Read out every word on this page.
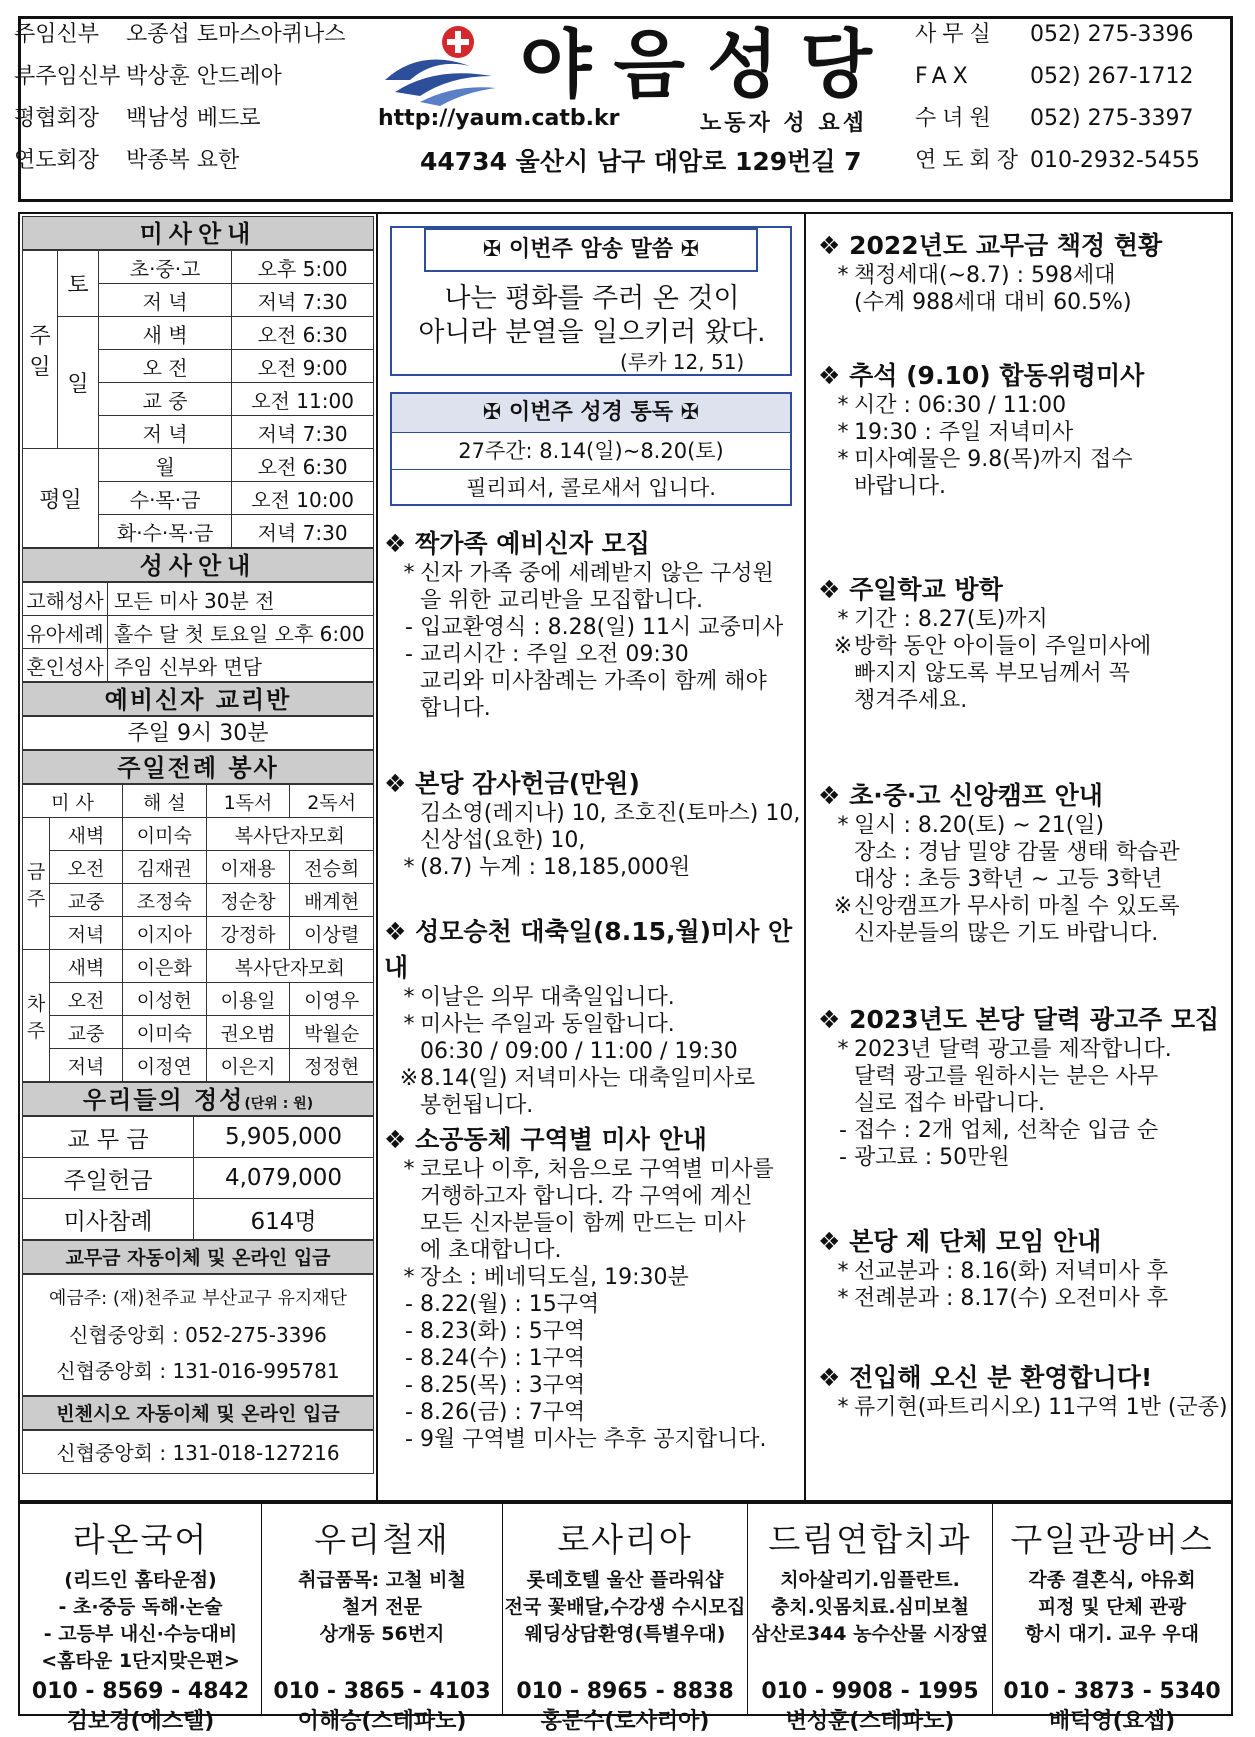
주임신부 오종섭 토마스아퀴나스
부주임신부 박상훈 안드레아
평협회장 백남성 베드로
연도회장 박종복 요한
야음성당
http://yaum.catb.kr	노동자 성 요셉
44734 울산시 남구 대암로 129번길 7
사무실 052) 275-3396
FAX	052) 267-1712
수녀원 052) 275-3397
연도회장 010-2932-5455
미사안내
주일	토	초·중·고	오후 5:00
		저 녁	저녁 7:30
	일	새 벽	오전 6:30
		오 전	오전 9:00
		교 중	오전 11:00
		저 녁	저녁 7:30
평일		월	오전 6:30
		수·목·금	오전 10:00
		화·수·목·금	저녁 7:30
성사안내
고해성사	모든 미사 30분 전
유아세례	홀수 달 첫 토요일 오후 6:00
혼인성사	주임 신부와 면담
예비신자 교리반
주일 9시 30분
주일전례 봉사
미 사		해 설	1독서	2독서
금주	새벽	이미숙	복사단자모회	
	오전	김재권	이재용	전승희
	교중	조정숙	정순창	배계현
	저녁	이지아	강정하	이상렬
차주	새벽	이은화	복사단자모회	
	오전	이성헌	이용일	이영우
	교중	이미숙	권오범	박월순
	저녁	이정연	이은지	정정현
우리들의 정성(단위 : 원)
교 무 금	5,905,000
주일헌금	4,079,000
미사참례	614명
교무금 자동이체 및 온라인 입금
예금주: (재)천주교 부산교구 유지재단
신협중앙회 : 052-275-3396
신협중앙회 : 131-016-995781
빈첸시오 자동이체 및 온라인 입금
신협중앙회 : 131-018-127216
✠ 이번주 암송 말씀 ✠
나는 평화를 주러 온 것이
아니라 분열을 일으키러 왔다.
(루카 12, 51)
✠ 이번주 성경 통독 ✠
27주간: 8.14(일)~8.20(토)
필리피서, 콜로새서 입니다.
❖ 짝가족 예비신자 모집

* 신자 가족 중에 세례받지 않은 구성원

을 위한 교리반을 모집합니다.

- 입교환영식 : 8.28(일) 11시 교중미사

- 교리시간 : 주일 오전 09:30

교리와 미사참례는 가족이 함께 해야

합니다.

❖ 본당 감사헌금(만원)

김소영(레지나) 10, 조호진(토마스) 10,

신상섭(요한) 10,

* (8.7) 누계 : 18,185,000원

❖ 성모승천 대축일(8.15,월)미사 안내

* 이날은 의무 대축일입니다.

* 미사는 주일과 동일합니다.

06:30 / 09:00 / 11:00 / 19:30

※8.14(일) 저녁미사는 대축일미사로

봉헌됩니다.

❖ 소공동체 구역별 미사 안내

* 코로나 이후, 처음으로 구역별 미사를

거행하고자 합니다. 각 구역에 계신

모든 신자분들이 함께 만드는 미사

에 초대합니다.

* 장소 : 베네딕도실, 19:30분

- 8.22(월) : 15구역

- 8.23(화) : 5구역

- 8.24(수) : 1구역

- 8.25(목) : 3구역

- 8.26(금) : 7구역

- 9월 구역별 미사는 추후 공지합니다.

❖ 2022년도 교무금 책정 현황

* 책정세대(~8.7) : 598세대

(수계 988세대 대비 60.5%)

❖ 추석 (9.10) 합동위령미사

* 시간 : 06:30 / 11:00

* 19:30 : 주일 저녁미사

* 미사예물은 9.8(목)까지 접수

바랍니다.

❖ 주일학교 방학

* 기간 : 8.27(토)까지

※방학 동안 아이들이 주일미사에

빠지지 않도록 부모님께서 꼭

챙겨주세요.

❖ 초·중·고 신앙캠프 안내

* 일시 : 8.20(토) ~ 21(일)

장소 : 경남 밀양 감물 생태 학습관

대상 : 초등 3학년 ~ 고등 3학년

※신앙캠프가 무사히 마칠 수 있도록

신자분들의 많은 기도 바랍니다.

❖ 2023년도 본당 달력 광고주 모집

* 2023년 달력 광고를 제작합니다.

달력 광고를 원하시는 분은 사무

실로 접수 바랍니다.

- 접수 : 2개 업체, 선착순 입금 순

- 광고료 : 50만원

❖ 본당 제 단체 모임 안내

* 선교분과 : 8.16(화) 저녁미사 후

* 전례분과 : 8.17(수) 오전미사 후

❖ 전입해 오신 분 환영합니다!

* 류기현(파트리시오) 11구역 1반 (군종)

라온국어
(리드인 홈타운점)
- 초·중등 독해·논술
- 고등부 내신·수능대비
<홈타운 1단지맞은편>
010 - 8569 - 4842
김보경(에스텔)
우리철재
취급품목: 고철 비철
철거 전문
상개동 56번지
010 - 3865 - 4103
이해승(스테파노)
로사리아
롯데호텔 울산 플라워샵
전국 꽃배달,수강생 수시모집
웨딩상담환영(특별우대)
010 - 8965 - 8838
홍문수(로사리아)
드림연합치과
치아살리기.임플란트.
충치.잇몸치료.심미보철
삼산로344 농수산물 시장옆
010 - 9908 - 1995
변성훈(스테파노)
구일관광버스
각종 결혼식, 야유회
피정 및 단체 관광
항시 대기. 교우 우대
010 - 3873 - 5340
배덕영(요셉)
